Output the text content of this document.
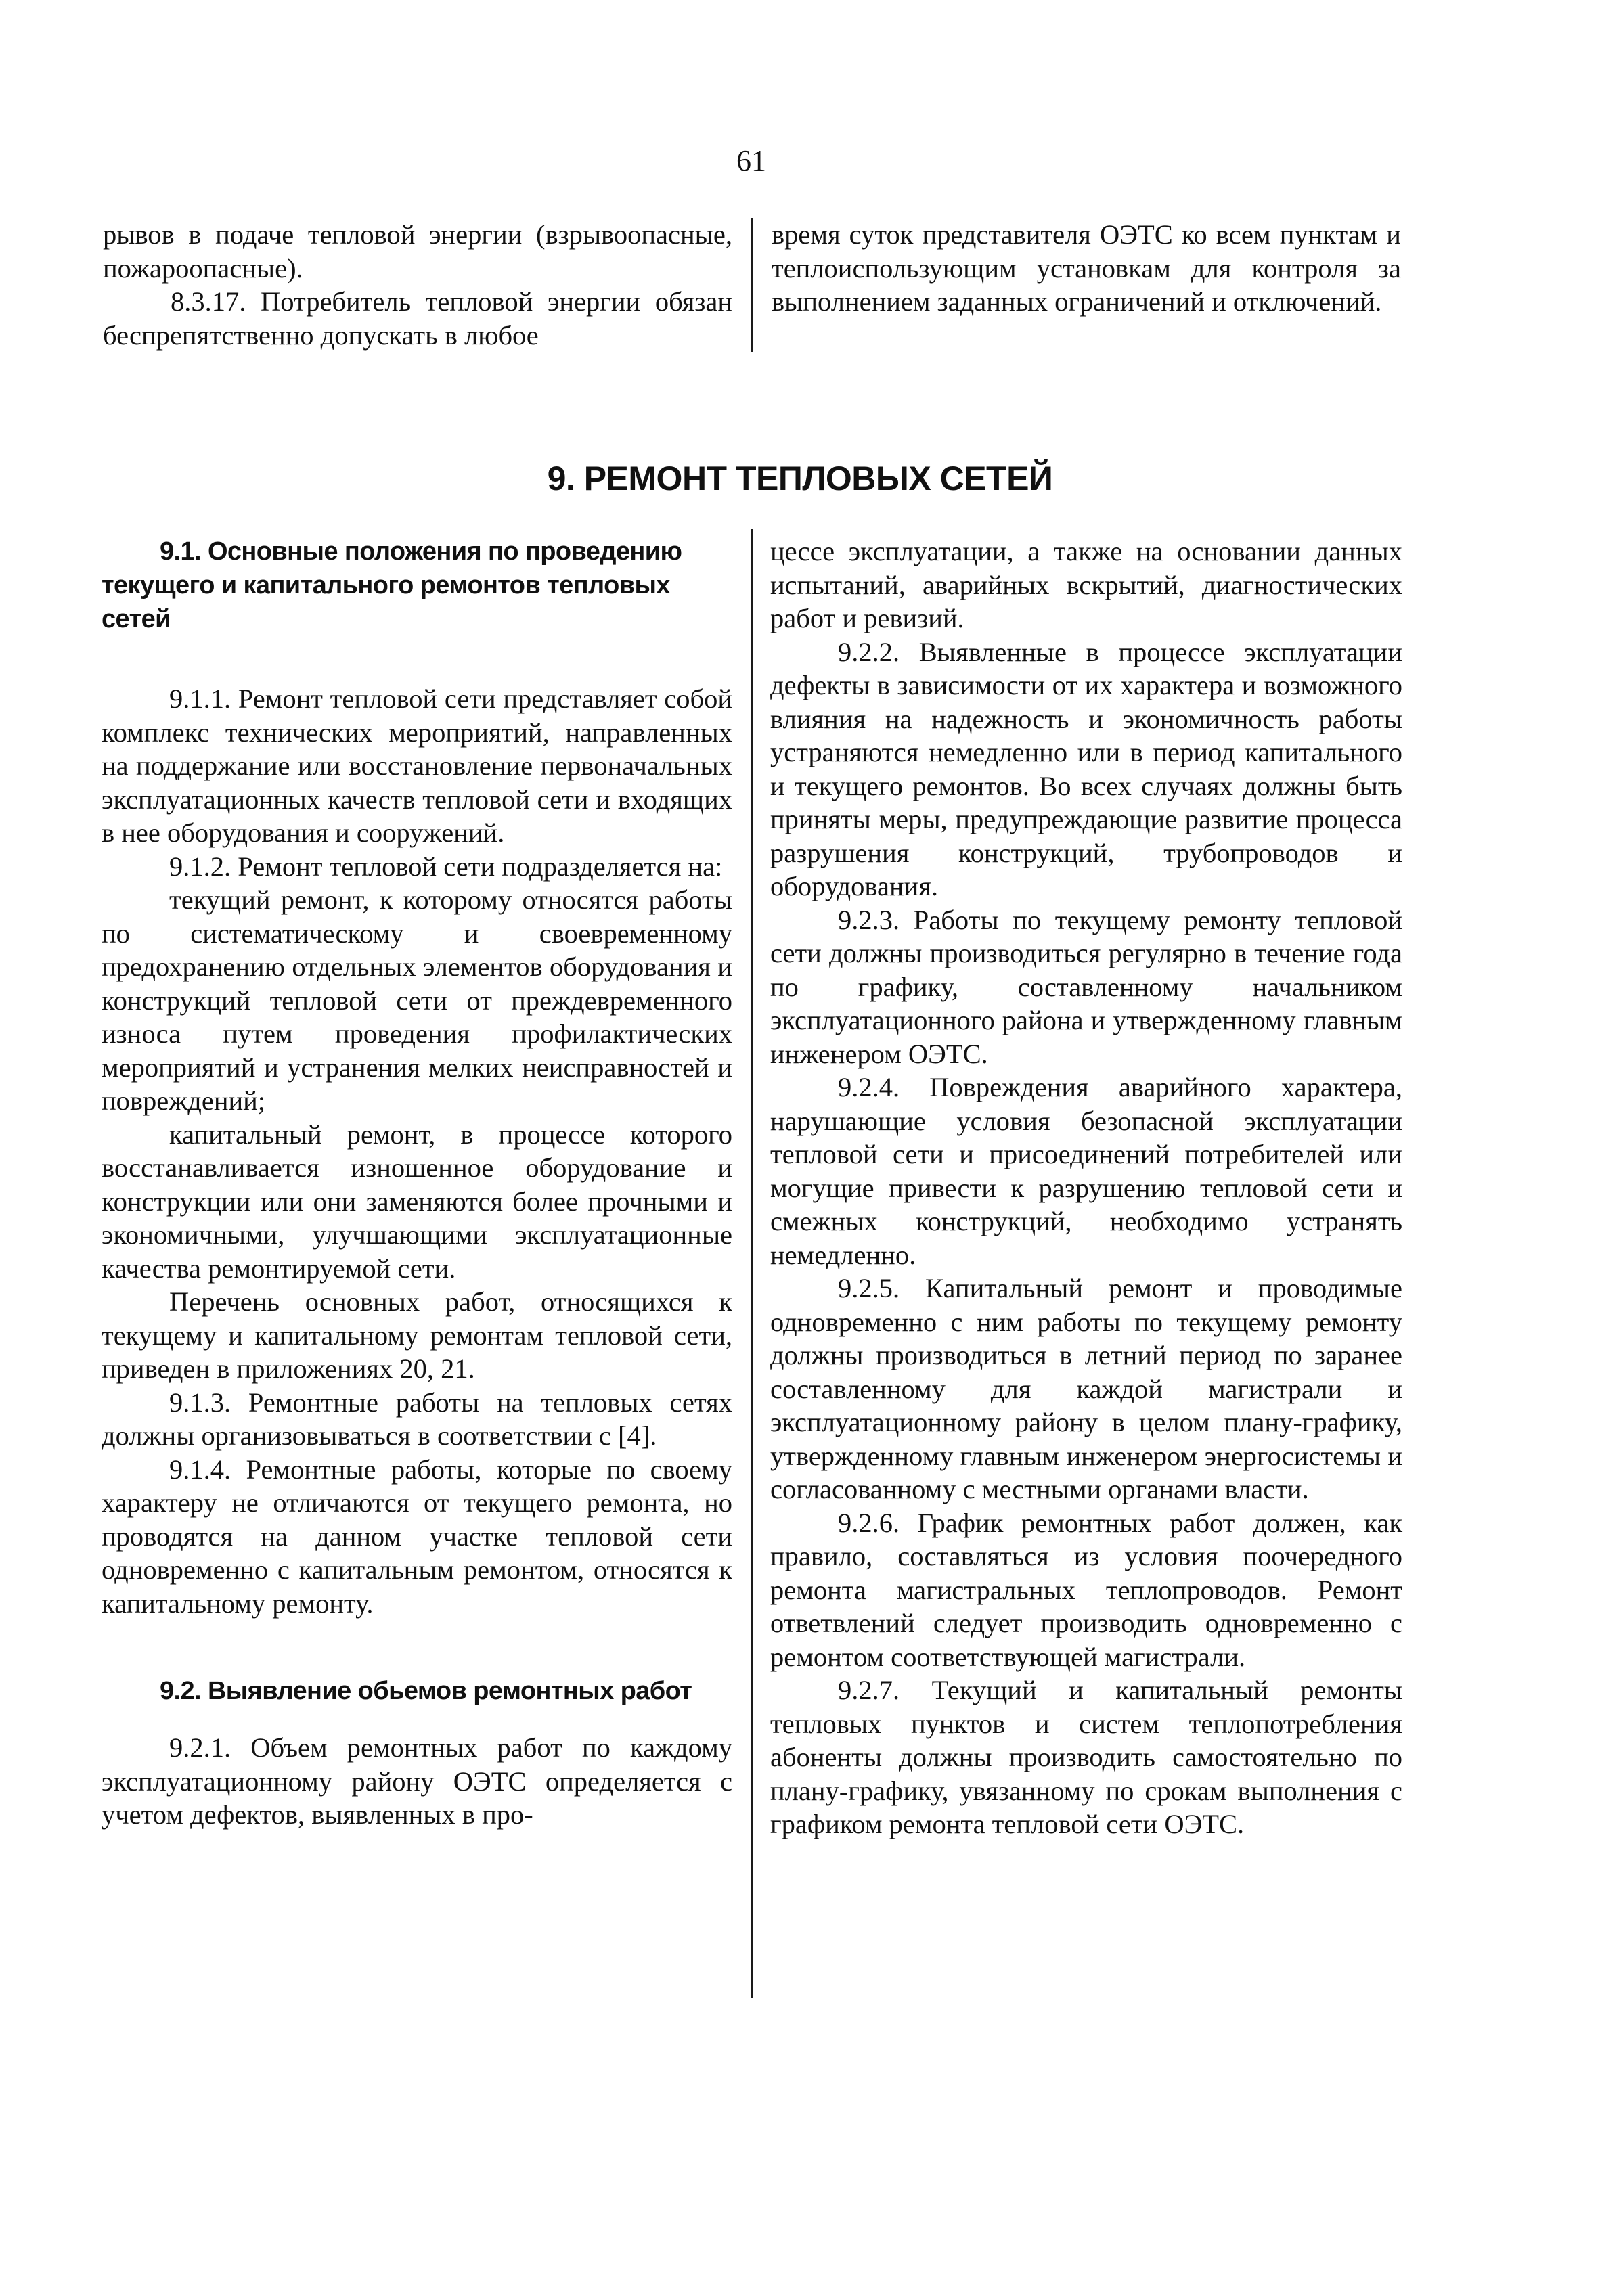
61

рывов в подаче тепловой энергии (взрывоопасные, пожароопасные).

8.3.17. Потребитель тепловой энергии обязан беспрепятственно допускать в любое

время суток представителя ОЭТС ко всем пунктам и теплоиспользующим установкам для контроля за выполнением заданных ограничений и отключений.

9. РЕМОНТ ТЕПЛОВЫХ СЕТЕЙ
9.1. Основные положения по проведению
текущего и капитального ремонтов тепловых сетей

9.1.1. Ремонт тепловой сети представляет собой комплекс технических мероприятий, направленных на поддержание или восстановление первоначальных эксплуатационных качеств тепловой сети и входящих в нее оборудования и сооружений.

9.1.2. Ремонт тепловой сети подразделяется на:

текущий ремонт, к которому относятся работы по систематическому и своевременному предохранению отдельных элементов оборудования и конструкций тепловой сети от преждевременного износа путем проведения профилактических мероприятий и устранения мелких неисправностей и повреждений;

капитальный ремонт, в процессе которого восстанавливается изношенное оборудование и конструкции или они заменяются более прочными и экономичными, улучшающими эксплуатационные качества ремонтируемой сети.

Перечень основных работ, относящихся к текущему и капитальному ремонтам тепловой сети, приведен в приложениях 20, 21.

9.1.3. Ремонтные работы на тепловых сетях должны организовываться в соответствии с [4].

9.1.4. Ремонтные работы, которые по своему характеру не отличаются от текущего ремонта, но проводятся на данном участке тепловой сети одновременно с капитальным ремонтом, относятся к капитальному ремонту.

9.2. Выявление обьемов ремонтных работ

9.2.1. Объем ремонтных работ по каждому эксплуатационному району ОЭТС определяется с учетом дефектов, выявленных в про-

цессе эксплуатации, а также на основании данных испытаний, аварийных вскрытий, диагностических работ и ревизий.

9.2.2. Выявленные в процессе эксплуатации дефекты в зависимости от их характера и возможного влияния на надежность и экономичность работы устраняются немедленно или в период капитального и текущего ремонтов. Во всех случаях должны быть приняты меры, предупреждающие развитие процесса разрушения конструкций, трубопроводов и оборудования.

9.2.3. Работы по текущему ремонту тепловой сети должны производиться регулярно в течение года по графику, составленному начальником эксплуатационного района и утвержденному главным инженером ОЭТС.

9.2.4. Повреждения аварийного характера, нарушающие условия безопасной эксплуатации тепловой сети и присоединений потребителей или могущие привести к разрушению тепловой сети и смежных конструкций, необходимо устранять немедленно.

9.2.5. Капитальный ремонт и проводимые одновременно с ним работы по текущему ремонту должны производиться в летний период по заранее составленному для каждой магистрали и эксплуатационному району в целом плану-графику, утвержденному главным инженером энергосистемы и согласованному с местными органами власти.

9.2.6. График ремонтных работ должен, как правило, составляться из условия поочередного ремонта магистральных теплопроводов. Ремонт ответвлений следует производить одновременно с ремонтом соответствующей магистрали.

9.2.7. Текущий и капитальный ремонты тепловых пунктов и систем теплопотребления абоненты должны производить самостоятельно по плану-графику, увязанному по срокам выполнения с графиком ремонта тепловой сети ОЭТС.
